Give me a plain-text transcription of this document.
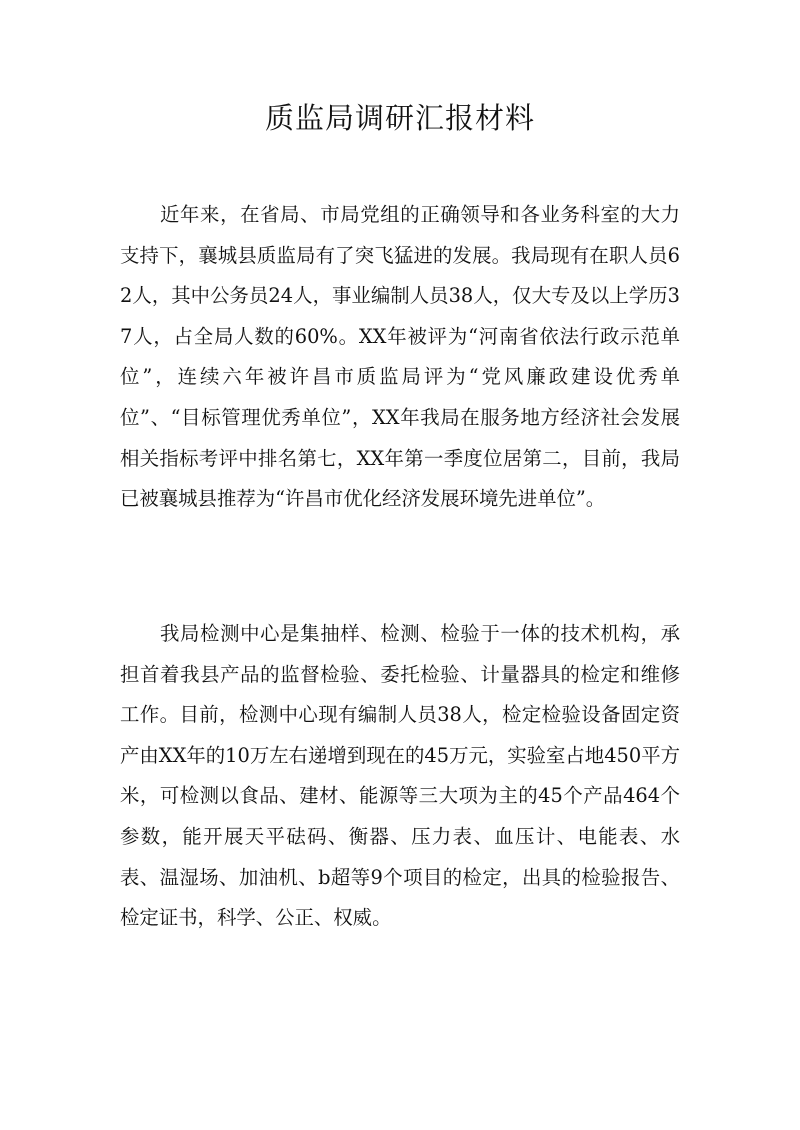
质监局调研汇报材料

近年来，在省局、市局党组的正确领导和各业务科室的大力支持下，襄城县质监局有了突飞猛进的发展。我局现有在职人员62人，其中公务员24人，事业编制人员38人，仅大专及以上学历37人，占全局人数的60%。XX年被评为“河南省依法行政示范单位”，连续六年被许昌市质监局评为“党风廉政建设优秀单位”、“目标管理优秀单位”，XX年我局在服务地方经济社会发展相关指标考评中排名第七，XX年第一季度位居第二，目前，我局已被襄城县推荐为“许昌市优化经济发展环境先进单位”。

我局检测中心是集抽样、检测、检验于一体的技术机构，承担首着我县产品的监督检验、委托检验、计量器具的检定和维修工作。目前，检测中心现有编制人员38人，检定检验设备固定资产由XX年的10万左右递增到现在的45万元，实验室占地450平方米，可检测以食品、建材、能源等三大项为主的45个产品464个参数，能开展天平砝码、衡器、压力表、血压计、电能表、水表、温湿场、加油机、b超等9个项目的检定，出具的检验报告、检定证书，科学、公正、权威。
